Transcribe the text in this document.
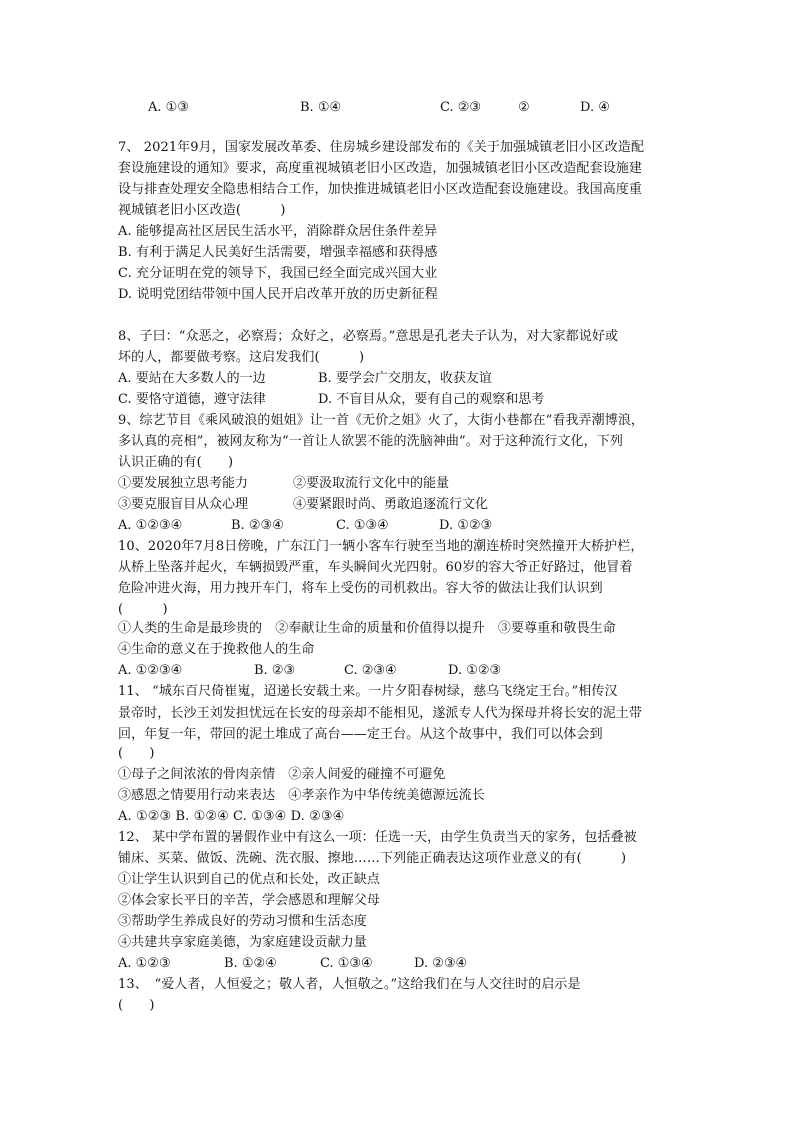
A. ①③	B. ①④	C. ②③	②	D. ④
7、 2021年9月，国家发展改革委、住房城乡建设部发布的《关于加强城镇老旧小区改造配
套设施建设的通知》要求，高度重视城镇老旧小区改造，加强城镇老旧小区改造配套设施建
设与排查处理安全隐患相结合工作，加快推进城镇老旧小区改造配套设施建设。我国高度重
视城镇老旧小区改造(　　　)
A. 能够提高社区居民生活水平，消除群众居住条件差异
B. 有利于满足人民美好生活需要，增强幸福感和获得感
C. 充分证明在党的领导下，我国已经全面完成兴国大业
D. 说明党团结带领中国人民开启改革开放的历史新征程
8、子曰：“众恶之，必察焉；众好之，必察焉。”意思是孔老夫子认为，对大家都说好或
坏的人，都要做考察。这启发我们(　　　)
A. 要站在大多数人的一边	B. 要学会广交朋友，收获友谊
C. 要恪守道德，遵守法律	D. 不盲目从众，要有自己的观察和思考
9、综艺节目《乘风破浪的姐姐》让一首《无价之姐》火了，大街小巷都在“看我弄潮博浪，
多认真的亮相”，被网友称为“一首让人欲罢不能的洗脑神曲”。对于这种流行文化，下列
认识正确的有(　　)
①要发展独立思考能力	②要汲取流行文化中的能量
③要克服盲目从众心理	④要紧跟时尚、勇敢追逐流行文化
A. ①②③④	B. ②③④	C. ①③④	D. ①②③
10、2020年7月8日傍晚，广东江门一辆小客车行驶至当地的潮连桥时突然撞开大桥护栏，
从桥上坠落并起火，车辆损毁严重，车头瞬间火光四射。60岁的容大爷正好路过，他冒着
危险冲进火海，用力拽开车门，将车上受伤的司机救出。容大爷的做法让我们认识到
(　　　)
①人类的生命是最珍贵的　②奉献让生命的质量和价值得以提升　③要尊重和敬畏生命
④生命的意义在于挽救他人的生命
A. ①②③④	B. ②③	C. ②③④	D. ①②③
11、 “城东百尺倚崔嵬，迢递长安载土来。一片夕阳春树绿，慈乌飞绕定王台。”相传汉
景帝时，长沙王刘发担忧远在长安的母亲却不能相见，遂派专人代为探母并将长安的泥土带
回，年复一年，带回的泥土堆成了高台——定王台。从这个故事中，我们可以体会到
(　　)
①母子之间浓浓的骨肉亲情　②亲人间爱的碰撞不可避免
③感恩之情要用行动来表达　④孝亲作为中华传统美德源远流长
A. ①②③ B. ①②④ C. ①③④ D. ②③④
12、 某中学布置的暑假作业中有这么一项：任选一天，由学生负责当天的家务，包括叠被
铺床、买菜、做饭、洗碗、洗衣服、擦地……下列能正确表达这项作业意义的有(　　　)
①让学生认识到自己的优点和长处，改正缺点
②体会家长平日的辛苦，学会感恩和理解父母
③帮助学生养成良好的劳动习惯和生活态度
④共建共享家庭美德，为家庭建设贡献力量
A. ①②③	B. ①②④	C. ①③④	D. ②③④
13、　“爱人者，人恒爱之；敬人者，人恒敬之。”这给我们在与人交往时的启示是
(　　)
